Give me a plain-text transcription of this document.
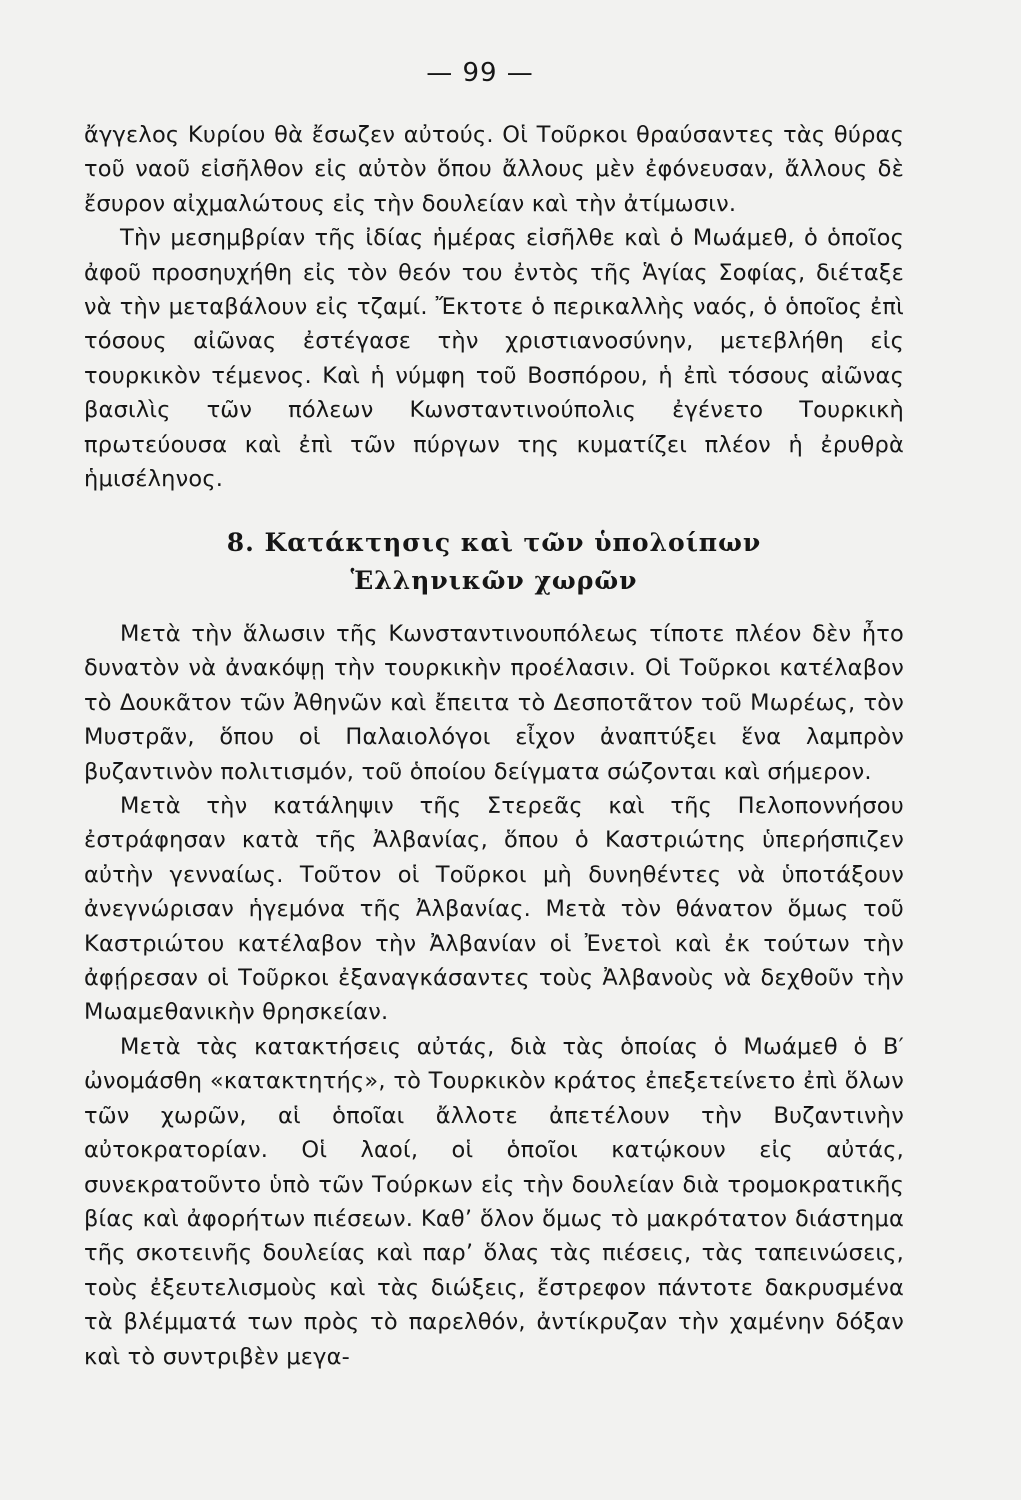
— 99 —

ἄγγελος Κυρίου θὰ ἔσωζεν αὐτούς. Οἱ Τοῦρκοι θραύσαντες τὰς θύρας τοῦ ναοῦ εἰσῆλθον εἰς αὐτὸν ὅπου ἄλλους μὲν ἐφόνευσαν, ἄλλους δὲ ἔσυρον αἰχμαλώτους εἰς τὴν δουλείαν καὶ τὴν ἀτίμωσιν.

Τὴν μεσημβρίαν τῆς ἰδίας ἡμέρας εἰσῆλθε καὶ ὁ Μωάμεθ, ὁ ὁποῖος ἀφοῦ προσηυχήθη εἰς τὸν θεόν του ἐντὸς τῆς Ἁγίας Σοφίας, διέταξε νὰ τὴν μεταβάλουν εἰς τζαμί. Ἔκτοτε ὁ περικαλλὴς ναός, ὁ ὁποῖος ἐπὶ τόσους αἰῶνας ἐστέγασε τὴν χριστιανοσύνην, μετεβλήθη εἰς τουρκικὸν τέμενος. Καὶ ἡ νύμφη τοῦ Βοσπόρου, ἡ ἐπὶ τόσους αἰῶνας βασιλὶς τῶν πόλεων Κωνσταντινούπολις ἐγένετο Τουρκικὴ πρωτεύουσα καὶ ἐπὶ τῶν πύργων της κυματίζει πλέον ἡ ἐρυθρὰ ἡμισέληνος.

8. Κατάκτησις καὶ τῶν ὑπολοίπων
Ἑλληνικῶν χωρῶν

Μετὰ τὴν ἅλωσιν τῆς Κωνσταντινουπόλεως τίποτε πλέον δὲν ἦτο δυνατὸν νὰ ἀνακόψῃ τὴν τουρκικὴν προέλασιν. Οἱ Τοῦρκοι κατέλαβον τὸ Δουκᾶτον τῶν Ἀθηνῶν καὶ ἔπειτα τὸ Δεσποτᾶτον τοῦ Μωρέως, τὸν Μυστρᾶν, ὅπου οἱ Παλαιολόγοι εἶχον ἀναπτύξει ἕνα λαμπρὸν βυζαντινὸν πολιτισμόν, τοῦ ὁποίου δείγματα σώζονται καὶ σήμερον.

Μετὰ τὴν κατάληψιν τῆς Στερεᾶς καὶ τῆς Πελοποννήσου ἐστράφησαν κατὰ τῆς Ἀλβανίας, ὅπου ὁ Καστριώτης ὑπερήσπιζεν αὐτὴν γενναίως. Τοῦτον οἱ Τοῦρκοι μὴ δυνηθέντες νὰ ὑποτάξουν ἀνεγνώρισαν ἡγεμόνα τῆς Ἀλβανίας. Μετὰ τὸν θάνατον ὅμως τοῦ Καστριώτου κατέλαβον τὴν Ἀλβανίαν οἱ Ἐνετοὶ καὶ ἐκ τούτων τὴν ἀφῄρεσαν οἱ Τοῦρκοι ἐξαναγκάσαντες τοὺς Ἀλβανοὺς νὰ δεχθοῦν τὴν Μωαμεθανικὴν θρησκείαν.

Μετὰ τὰς κατακτήσεις αὐτάς, διὰ τὰς ὁποίας ὁ Μωάμεθ ὁ Β′ ὠνομάσθη «κατακτητής», τὸ Τουρκικὸν κράτος ἐπεξετείνετο ἐπὶ ὅλων τῶν χωρῶν, αἱ ὁποῖαι ἄλλοτε ἀπετέλουν τὴν Βυζαντινὴν αὐτοκρατορίαν. Οἱ λαοί, οἱ ὁποῖοι κατῴκουν εἰς αὐτάς, συνεκρατοῦντο ὑπὸ τῶν Τούρκων εἰς τὴν δουλείαν διὰ τρομοκρατικῆς βίας καὶ ἀφορήτων πιέσεων. Καθ’ ὅλον ὅμως τὸ μακρότατον διάστημα τῆς σκοτεινῆς δουλείας καὶ παρ’ ὅλας τὰς πιέσεις, τὰς ταπεινώσεις, τοὺς ἐξευτελισμοὺς καὶ τὰς διώξεις, ἔστρεφον πάντοτε δακρυσμένα τὰ βλέμματά των πρὸς τὸ παρελθόν, ἀντίκρυζαν τὴν χαμένην δόξαν καὶ τὸ συντριβὲν μεγα-
